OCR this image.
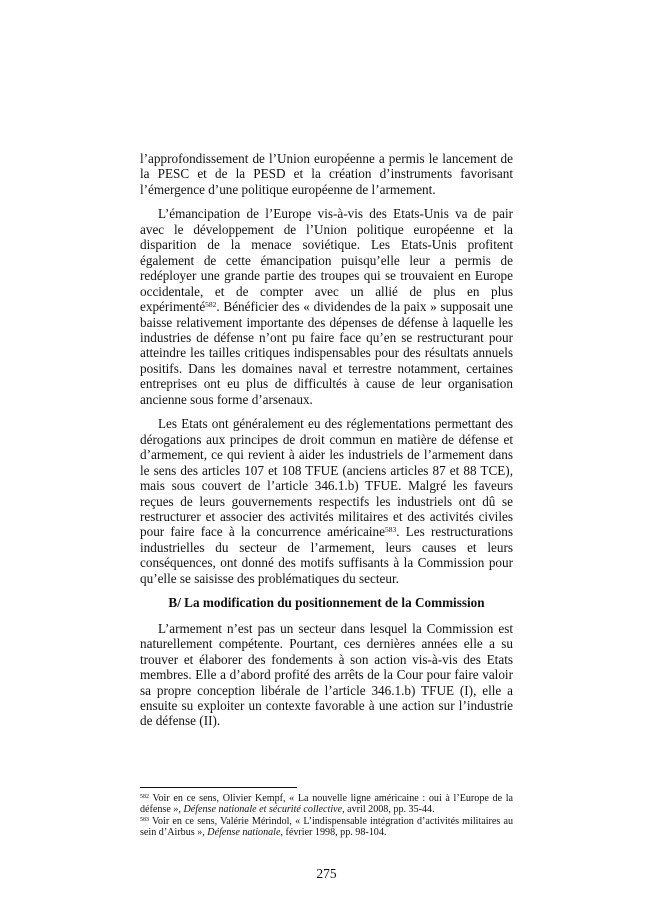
l’approfondissement de l’Union européenne a permis le lancement de la PESC et de la PESD et la création d’instruments favorisant l’émergence d’une politique européenne de l’armement.

L’émancipation de l’Europe vis-à-vis des Etats-Unis va de pair avec le développement de l’Union politique européenne et la disparition de la menace soviétique. Les Etats-Unis profitent également de cette émancipation puisqu’elle leur a permis de redéployer une grande partie des troupes qui se trouvaient en Europe occidentale, et de compter avec un allié de plus en plus expérimenté$^{582}$. Bénéficier des « dividendes de la paix » supposait une baisse relativement importante des dépenses de défense à laquelle les industries de défense n’ont pu faire face qu’en se restructurant pour atteindre les tailles critiques indispensables pour des résultats annuels positifs. Dans les domaines naval et terrestre notamment, certaines entreprises ont eu plus de difficultés à cause de leur organisation ancienne sous forme d’arsenaux.

Les Etats ont généralement eu des réglementations permettant des dérogations aux principes de droit commun en matière de défense et d’armement, ce qui revient à aider les industriels de l’armement dans le sens des articles 107 et 108 TFUE (anciens articles 87 et 88 TCE), mais sous couvert de l’article 346.1.b) TFUE. Malgré les faveurs reçues de leurs gouvernements respectifs les industriels ont dû se restructurer et associer des activités militaires et des activités civiles pour faire face à la concurrence américaine$^{583}$. Les restructurations industrielles du secteur de l’armement, leurs causes et leurs conséquences, ont donné des motifs suffisants à la Commission pour qu’elle se saisisse des problématiques du secteur.

B/ La modification du positionnement de la Commission

L’armement n’est pas un secteur dans lesquel la Commission est naturellement compétente. Pourtant, ces dernières années elle a su trouver et élaborer des fondements à son action vis-à-vis des Etats membres. Elle a d’abord profité des arrêts de la Cour pour faire valoir sa propre conception libérale de l’article 346.1.b) TFUE (I), elle a ensuite su exploiter un contexte favorable à une action sur l’industrie de défense (II).

$^{582}$ Voir en ce sens, Olivier Kempf, « La nouvelle ligne américaine : oui à l’Europe de la défense », Défense nationale et sécurité collective, avril 2008, pp. 35-44.
$^{583}$ Voir en ce sens, Valérie Mérindol, « L’indispensable intégration d’activités militaires au sein d’Airbus », Défense nationale, février 1998, pp. 98-104.
275
